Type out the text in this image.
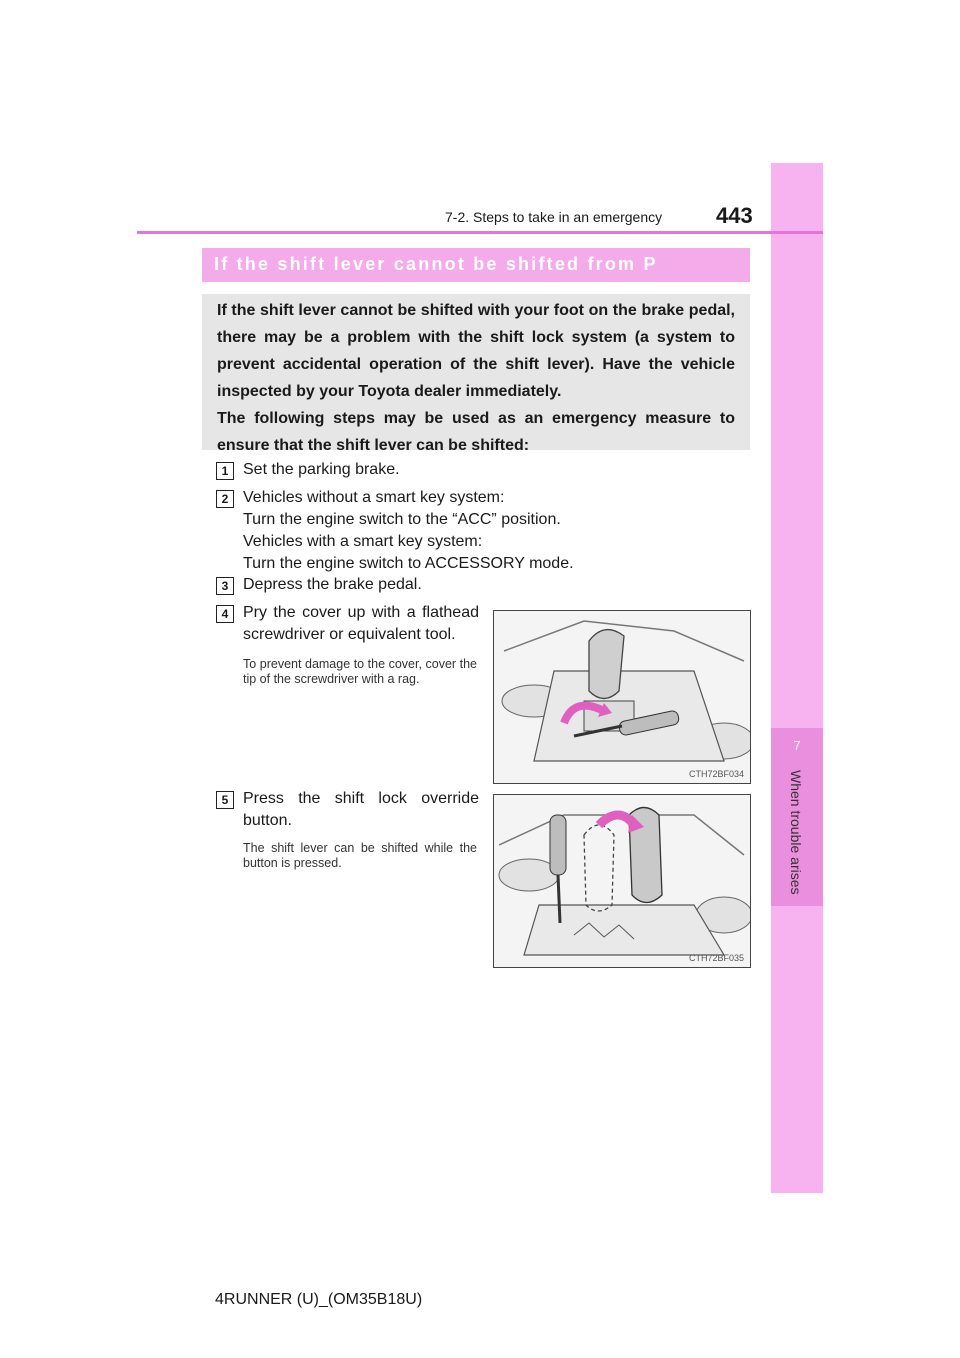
7
When trouble arises
7-2. Steps to take in an emergency 443
If the shift lever cannot be shifted from P

If the shift lever cannot be shifted with your foot on the brake pedal, there may be a problem with the shift lock system (a system to prevent accidental operation of the shift lever). Have the vehicle inspected by your Toyota dealer immediately.

The following steps may be used as an emergency measure to ensure that the shift lever can be shifted:

1 Set the parking brake.

2 Vehicles without a smart key system:

Turn the engine switch to the “ACC” position.

Vehicles with a smart key system:

Turn the engine switch to ACCESSORY mode.

3 Depress the brake pedal.

4 Pry the cover up with a flathead screwdriver or equivalent tool.
To prevent damage to the cover, cover the tip of the screwdriver with a rag.
CTH72BF034
5 Press the shift lock override button.
The shift lever can be shifted while the button is pressed.
CTH72BF035
4RUNNER (U)_(OM35B18U)
